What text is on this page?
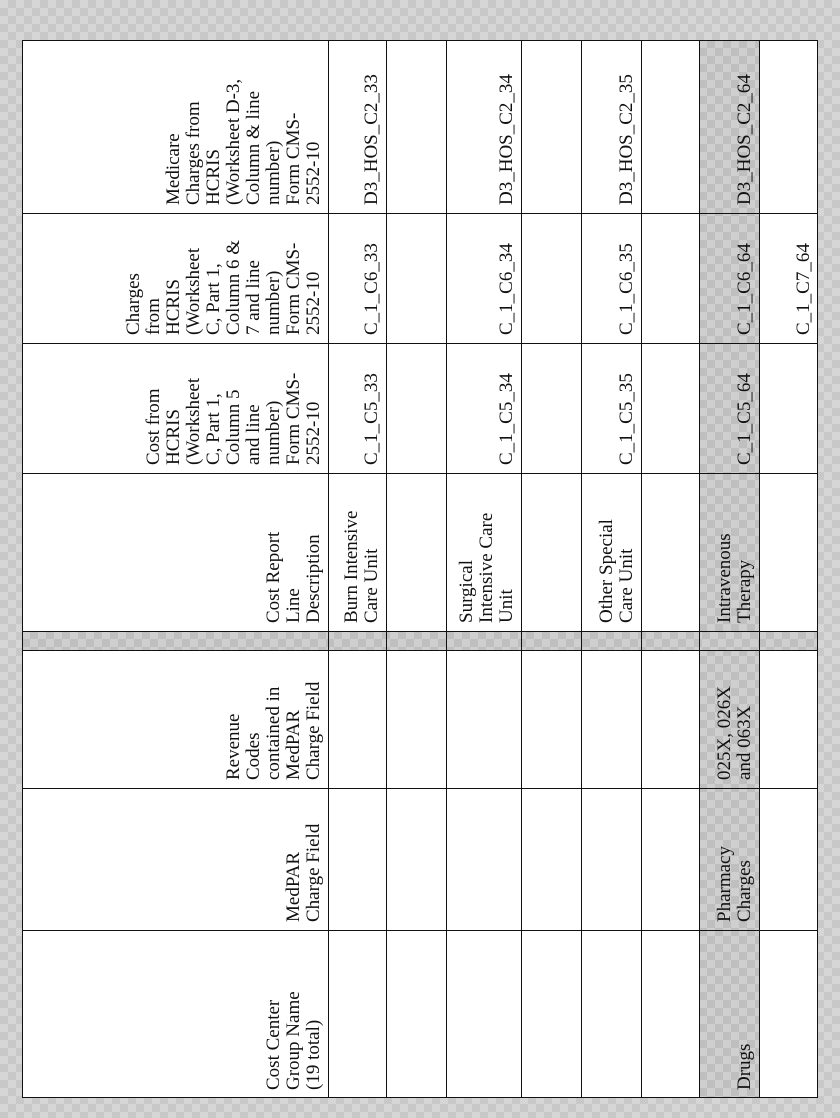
Medicare
Charges from
HCRIS
(Worksheet D-3,
Column & line
number)
Form CMS-
2552-10
Charges
from
HCRIS
(Worksheet
C, Part 1,
Column 6 &
7 and line
number)
Form CMS-
2552-10
Cost from
HCRIS
(Worksheet
C, Part 1,
Column 5
and line
number)
Form CMS-
2552-10
Cost Report
Line
Description
Revenue
Codes
contained in
MedPAR
Charge Field
MedPAR
Charge Field
Cost Center
Group Name
(19 total)
D3_HOS_C2_33
C_1_C6_33
C_1_C5_33
Burn Intensive
Care Unit
D3_HOS_C2_34
C_1_C6_34
C_1_C5_34
Surgical
Intensive Care
Unit
D3_HOS_C2_35
C_1_C6_35
C_1_C5_35
Other Special
Care Unit
D3_HOS_C2_64
C_1_C6_64
C_1_C5_64
Intravenous
Therapy
025X, 026X
and 063X
Pharmacy
Charges
Drugs
C_1_C7_64
